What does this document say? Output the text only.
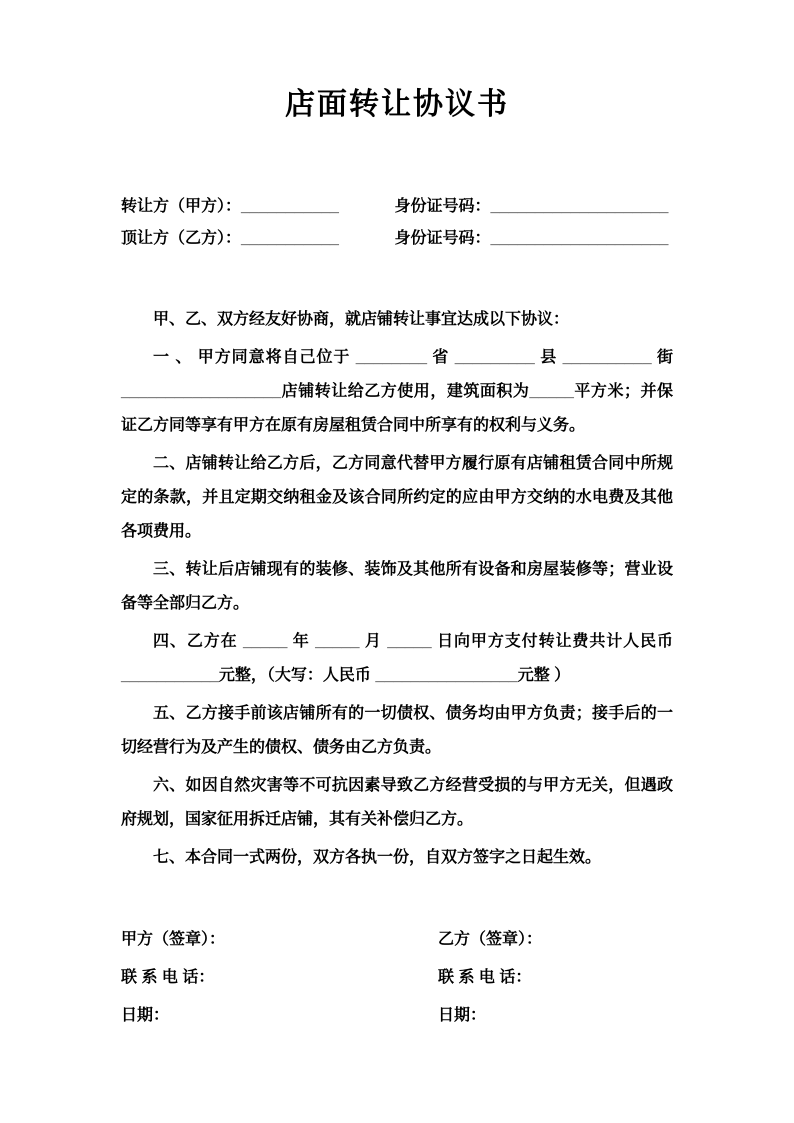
店面转让协议书
转让方（甲方）：___________	身份证号码：____________________
顶让方（乙方）：___________	身份证号码：____________________

甲、乙、双方经友好协商，就店铺转让事宜达成以下协议：

一 、 甲方同意将自己位于 ________ 省 _________ 县 __________ 街__________________店铺转让给乙方使用，建筑面积为_____平方米；并保证乙方同等享有甲方在原有房屋租赁合同中所享有的权利与义务。

二、店铺转让给乙方后，乙方同意代替甲方履行原有店铺租赁合同中所规定的条款，并且定期交纳租金及该合同所约定的应由甲方交纳的水电费及其他各项费用。

三、转让后店铺现有的装修、装饰及其他所有设备和房屋装修等；营业设备等全部归乙方。

四、乙方在 _____ 年 _____ 月 _____ 日向甲方支付转让费共计人民币___________元整，（大写：人民币 ________________元整 ）

五、乙方接手前该店铺所有的一切债权、债务均由甲方负责；接手后的一切经营行为及产生的债权、债务由乙方负责。

六、如因自然灾害等不可抗因素导致乙方经营受损的与甲方无关，但遇政府规划，国家征用拆迁店铺，其有关补偿归乙方。

七、本合同一式两份，双方各执一份，自双方签字之日起生效。

甲方（签章）：

联 系 电 话：

日期：

乙方（签章）：

联 系 电 话：

日期：
